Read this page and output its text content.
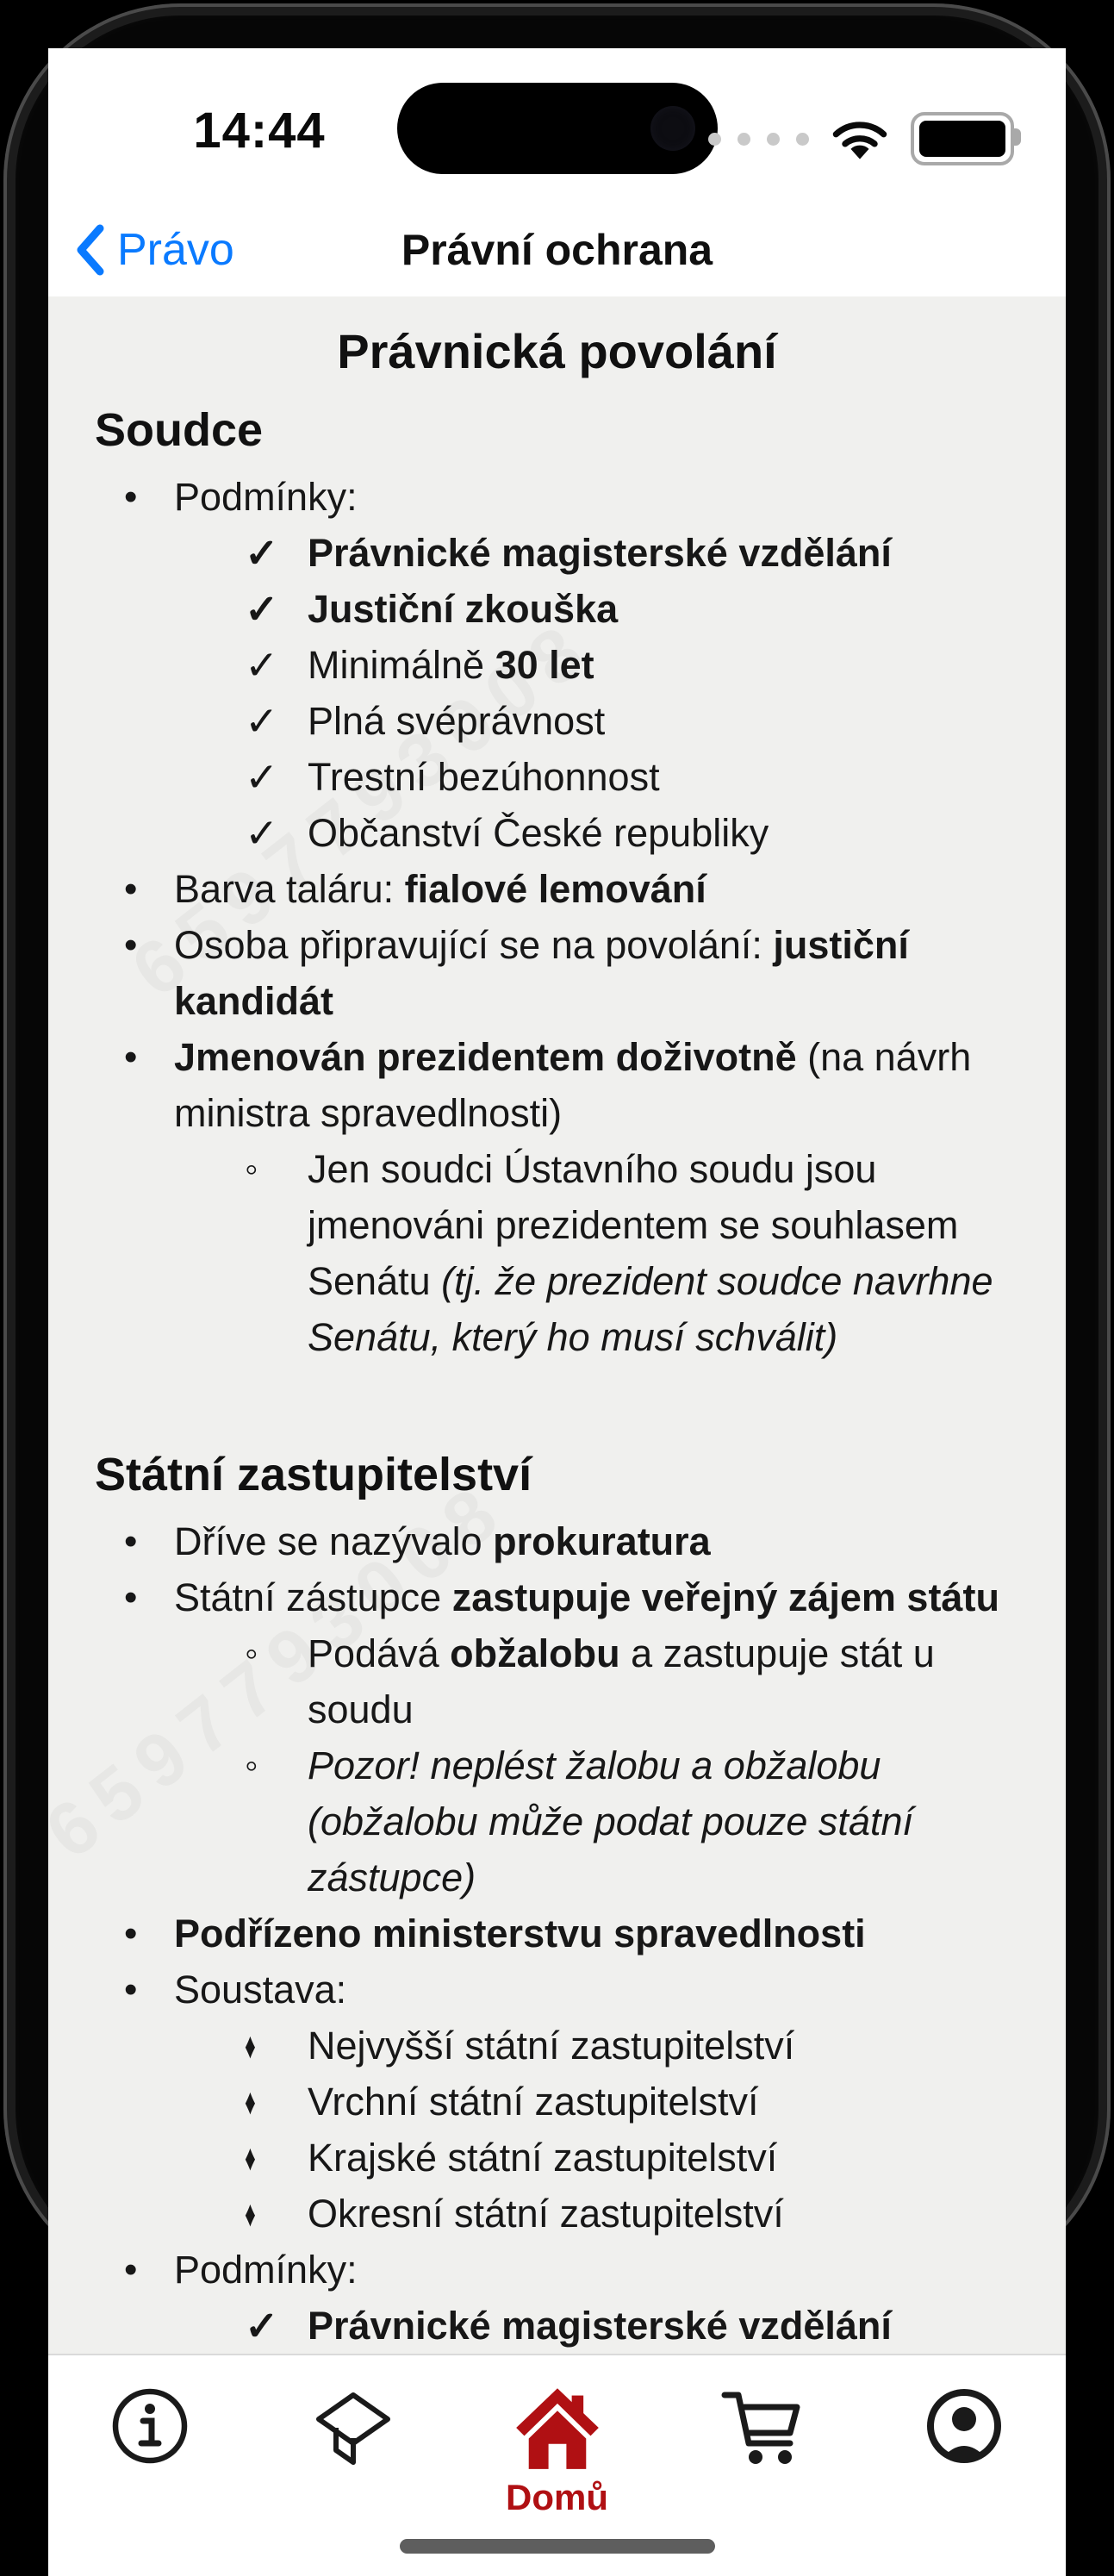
14:44
Právo	Právní ochrana
Právnická povolání
Soudce
• Podmínky:
✓ Právnické magisterské vzdělání
✓ Justiční zkouška
✓ Minimálně 30 let
✓ Plná svéprávnost
✓ Trestní bezúhonnost
✓ Občanství České republiky
• Barva taláru: fialové lemování
• Osoba připravující se na povolání: justiční kandidát
• Jmenován prezidentem doživotně (na návrh ministra spravedlnosti)
◦ Jen soudci Ústavního soudu jsou jmenováni prezidentem se souhlasem Senátu (tj. že prezident soudce navrhne Senátu, který ho musí schválit)
Státní zastupitelství
• Dříve se nazývalo prokuratura
• Státní zástupce zastupuje veřejný zájem státu
◦ Podává obžalobu a zastupuje stát u soudu
◦ Pozor! neplést žalobu a obžalobu (obžalobu může podat pouze státní zástupce)
• Podřízeno ministerstvu spravedlnosti
• Soustava:
♦ Nejvyšší státní zastupitelství
♦ Vrchní státní zastupitelství
♦ Krajské státní zastupitelství
♦ Okresní státní zastupitelství
• Podmínky:
✓ Právnické magisterské vzdělání
Domů
